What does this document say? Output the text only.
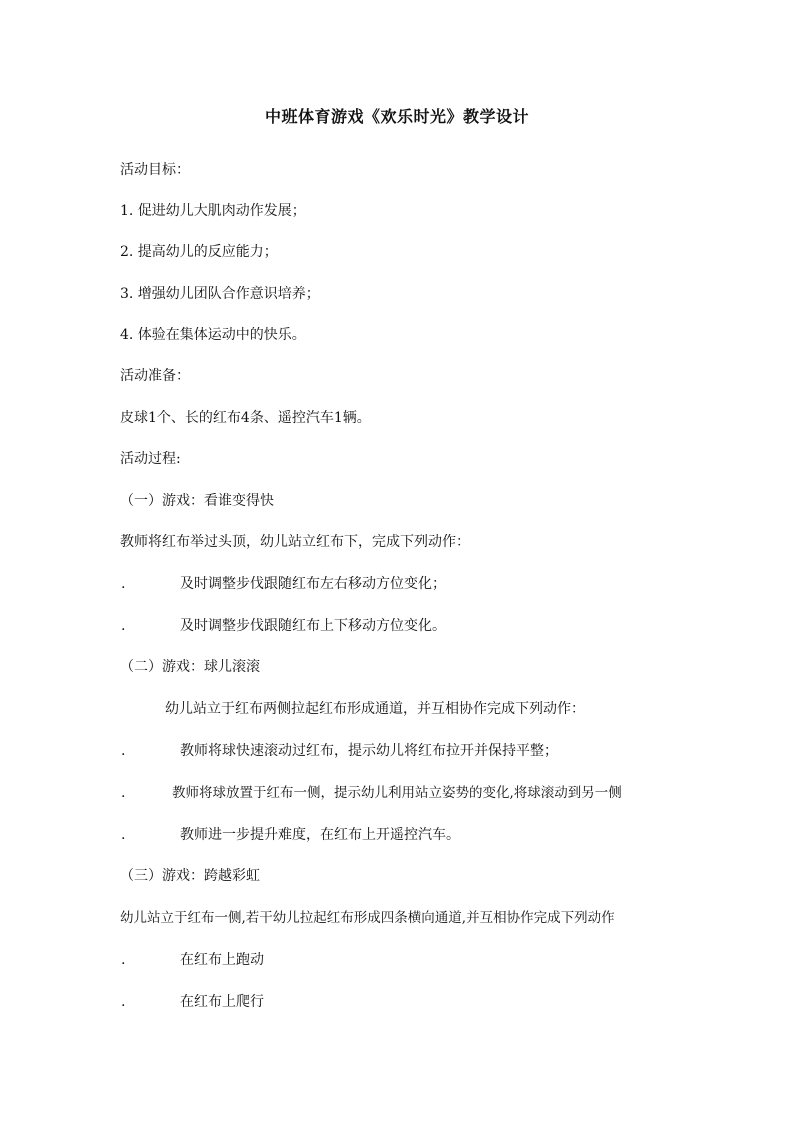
中班体育游戏《欢乐时光》教学设计
活动目标：
1. 促进幼儿大肌肉动作发展；
2. 提高幼儿的反应能力；
3. 增强幼儿团队合作意识培养；
4. 体验在集体运动中的快乐。
活动准备：
皮球1个、长的红布4条、遥控汽车1辆。
活动过程:
（一）游戏：看谁变得快
教师将红布举过头顶，幼儿站立红布下，完成下列动作：
.	及时调整步伐跟随红布左右移动方位变化；
.	及时调整步伐跟随红布上下移动方位变化。
（二）游戏：球儿滚滚
幼儿站立于红布两侧拉起红布形成通道，并互相协作完成下列动作：
.	教师将球快速滚动过红布，提示幼儿将红布拉开并保持平整；
.	教师将球放置于红布一侧，提示幼儿利用站立姿势的变化,将球滚动到另一侧
.	教师进一步提升难度，在红布上开遥控汽车。
（三）游戏：跨越彩虹
幼儿站立于红布一侧,若干幼儿拉起红布形成四条横向通道,并互相协作完成下列动作
.	在红布上跑动
.	在红布上爬行
